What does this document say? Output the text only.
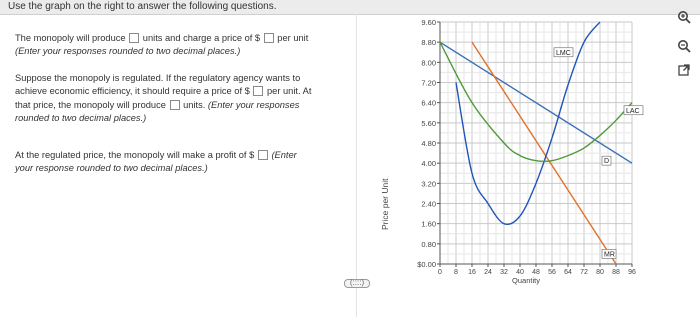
Use the graph on the right to answer the following questions.
The monopoly will produce units and charge a price of $ per unit
(Enter your responses rounded to two decimal places.)
Suppose the monopoly is regulated. If the regulatory agency wants to
achieve economic efficiency, it should require a price of $ per unit. At
that price, the monopoly will produce units. (Enter your responses
rounded to two decimal places.)
At the regulated price, the monopoly will make a profit of $ (Enter
your response rounded to two decimal places.)
(::::)
Price per Unit
$0.00
0.80
1.60
2.40
3.20
4.00
4.80
5.60
6.40
7.20
8.00
8.80
9.60
0 8 16 24 32 40 48 56 64 72 80 88 96
Quantity
LMC
LAC
D
MR
